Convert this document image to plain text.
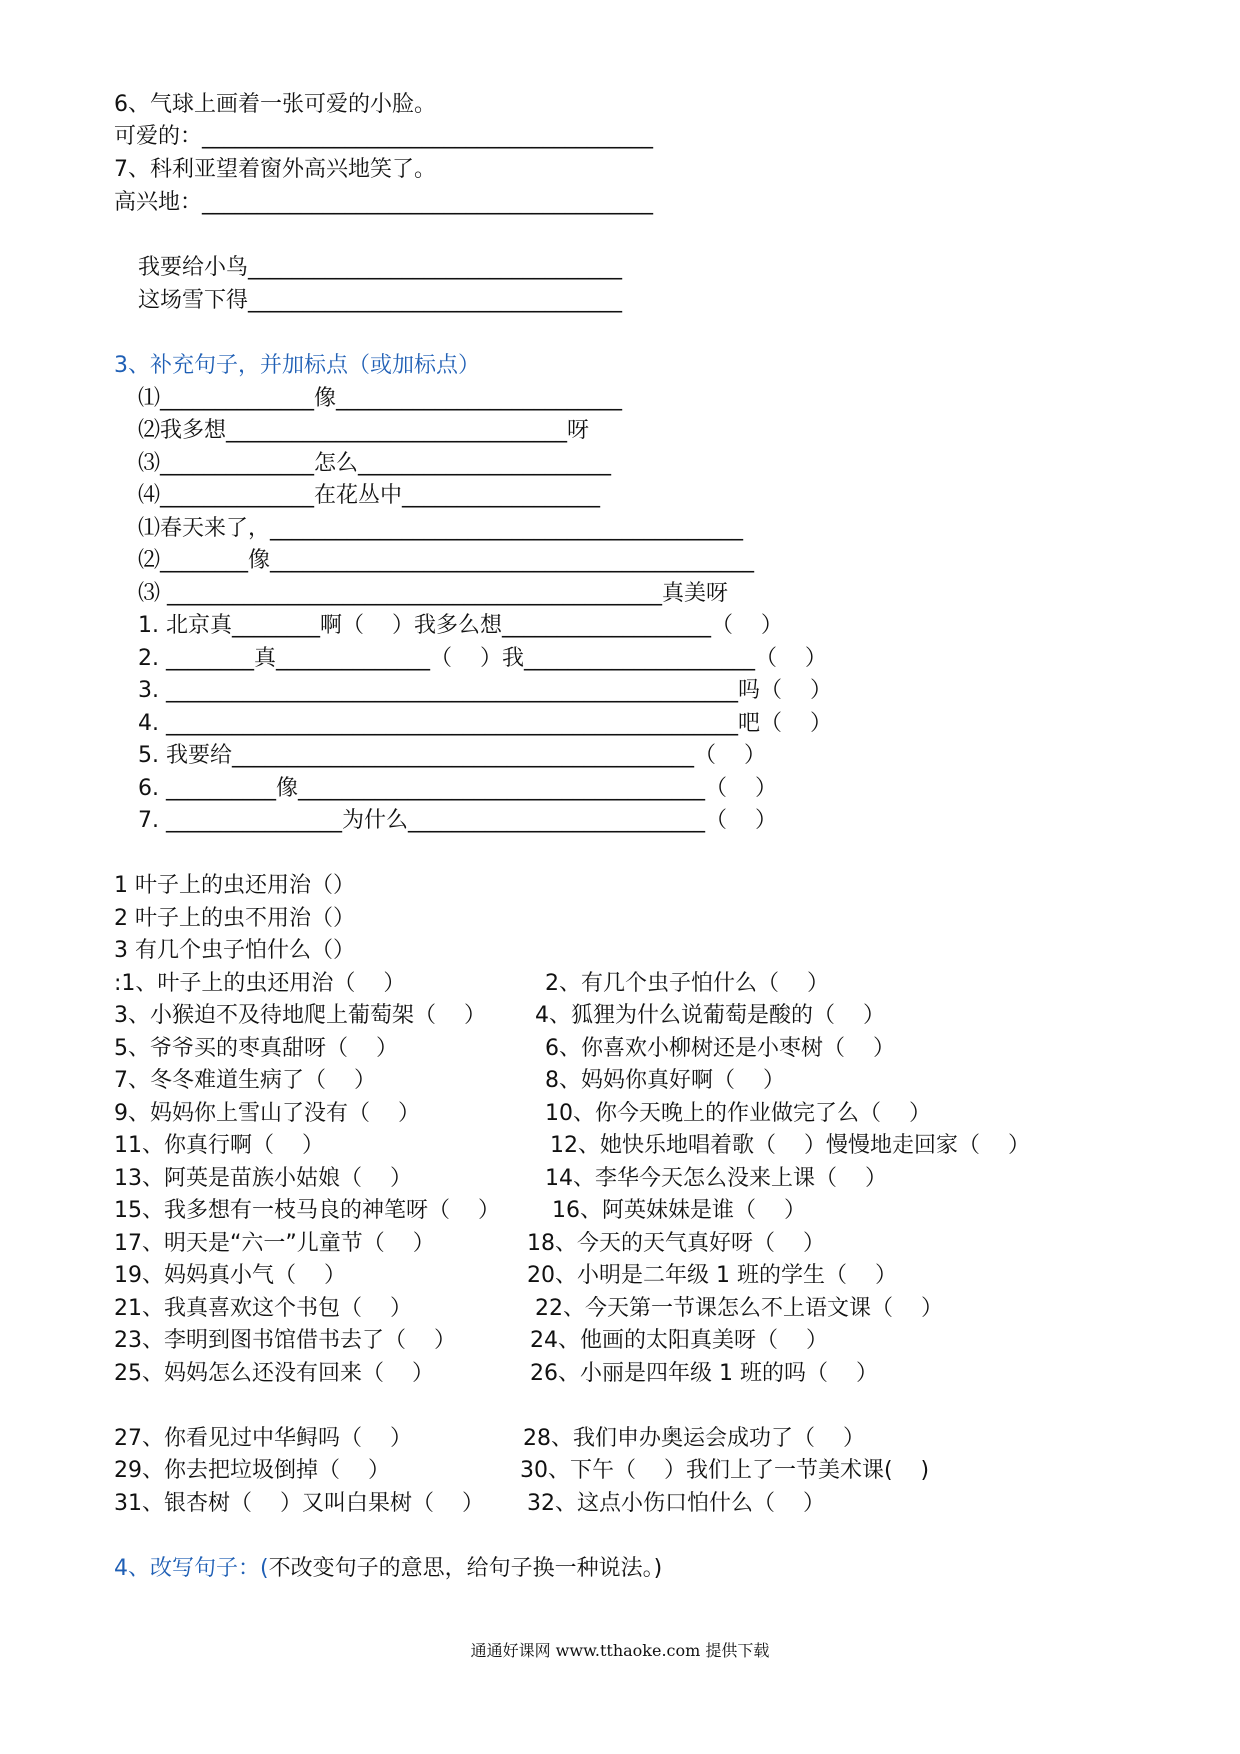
6、气球上画着一张可爱的小脸。
可爱的：_________________________________________
7、科利亚望着窗外高兴地笑了。
高兴地：_________________________________________
我要给小鸟__________________________________
这场雪下得__________________________________
3、补充句子，并加标点（或加标点）
⑴______________像__________________________
⑵我多想_______________________________呀
⑶______________怎么_______________________
⑷______________在花丛中__________________
⑴春天来了，___________________________________________
⑵________像____________________________________________
⑶ _____________________________________________真美呀
1. 北京真________啊（    ）我多么想___________________（    ）
2. ________真______________（    ）我_____________________（    ）
3. ____________________________________________________吗（    ）
4. ____________________________________________________吧（    ）
5. 我要给__________________________________________（    ）
6. __________像_____________________________________（    ）
7. ________________为什么___________________________（    ）
1 叶子上的虫还用治（）
2 叶子上的虫不用治（）
3 有几个虫子怕什么（）
:1、叶子上的虫还用治（    ）	2、有几个虫子怕什么（    ）
3、小猴迫不及待地爬上葡萄架（    ） 4、狐狸为什么说葡萄是酸的（    ）
5、爷爷买的枣真甜呀（    ）	6、你喜欢小柳树还是小枣树（    ）
7、冬冬难道生病了（    ）	8、妈妈你真好啊（    ）
9、妈妈你上雪山了没有（    ）	10、你今天晚上的作业做完了么（    ）
11、你真行啊（    ）	12、她快乐地唱着歌（    ）慢慢地走回家（    ）
13、阿英是苗族小姑娘（    ）	14、李华今天怎么没来上课（    ）
15、我多想有一枝马良的神笔呀（    ） 16、阿英妹妹是谁（    ）
17、明天是“六一”儿童节（    ）	18、今天的天气真好呀（    ）
19、妈妈真小气（    ）	20、小明是二年级 1 班的学生（    ）
21、我真喜欢这个书包（    ）	22、今天第一节课怎么不上语文课（    ）
23、李明到图书馆借书去了（    ）	24、他画的太阳真美呀（    ）
25、妈妈怎么还没有回来（    ）	26、小丽是四年级 1 班的吗（    ）
27、你看见过中华鲟吗（    ）	28、我们申办奥运会成功了（    ）
29、你去把垃圾倒掉（    ）	30、下午（    ）我们上了一节美术课(    )
31、银杏树（    ）又叫白果树（    ） 32、这点小伤口怕什么（    ）
4、改写句子：(不改变句子的意思，给句子换一种说法。)
通通好课网 www.tthaoke.com 提供下载
